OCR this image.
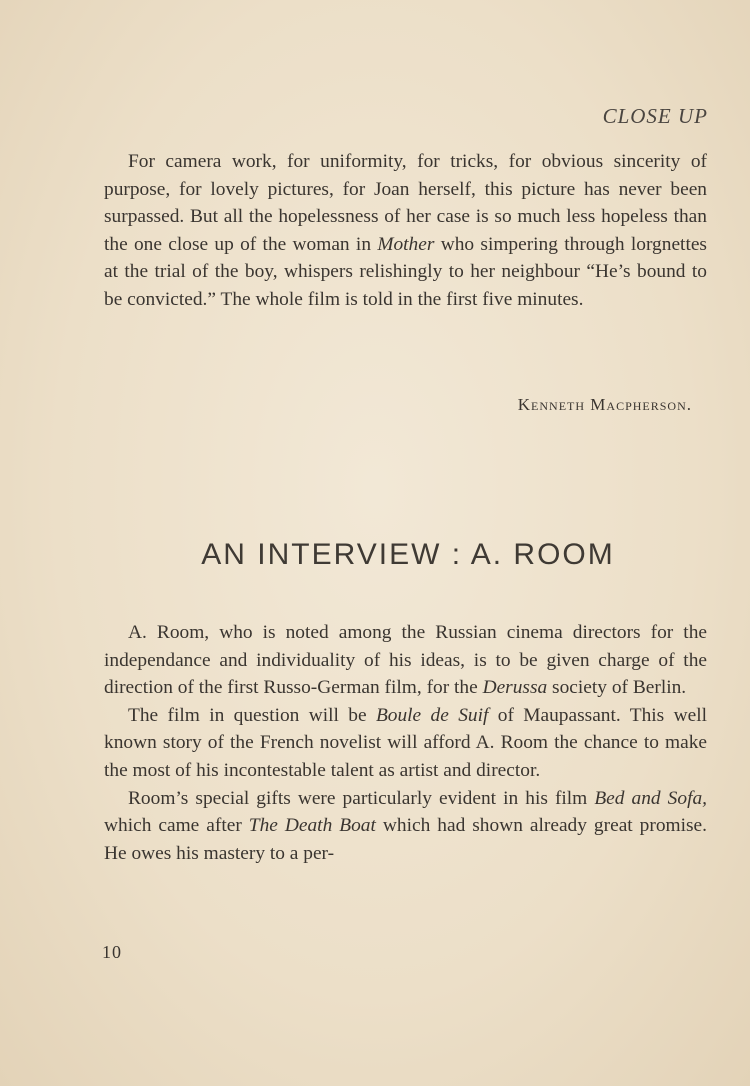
CLOSE UP

For camera work, for uniformity, for tricks, for obvious sincerity of purpose, for lovely pictures, for Joan herself, this picture has never been surpassed. But all the hopelessness of her case is so much less hopeless than the one close up of the woman in Mother who simpering through lorgnettes at the trial of the boy, whispers relishingly to her neighbour “He’s bound to be convicted.” The whole film is told in the first five minutes.

Kenneth Macpherson.
AN INTERVIEW : A. ROOM

A. Room, who is noted among the Russian cinema directors for the independance and individuality of his ideas, is to be given charge of the direction of the first Russo-German film, for the Derussa society of Berlin.

The film in question will be Boule de Suif of Maupassant. This well known story of the French novelist will afford A. Room the chance to make the most of his incontestable talent as artist and director.

Room’s special gifts were particularly evident in his film Bed and Sofa, which came after The Death Boat which had shown already great promise. He owes his mastery to a per-

10
